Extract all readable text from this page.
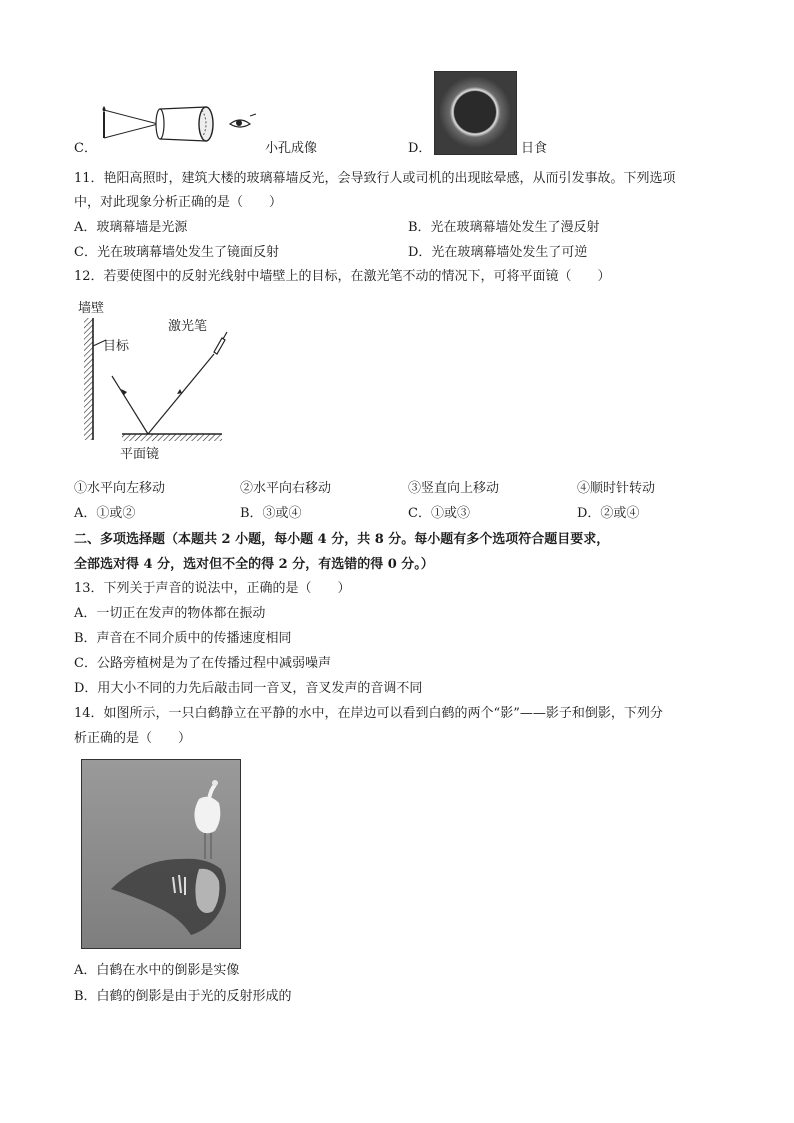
C．	小孔成像	D．	日食
11．艳阳高照时，建筑大楼的玻璃幕墙反光，会导致行人或司机的出现眩晕感，从而引发事故。下列选项
中，对此现象分析正确的是（　　）
A．玻璃幕墙是光源	B．光在玻璃幕墙处发生了漫反射
C．光在玻璃幕墙处发生了镜面反射	D．光在玻璃幕墙处发生了可逆
12．若要使图中的反射光线射中墙壁上的目标，在激光笔不动的情况下，可将平面镜（　　）
墙壁
目标
激光笔
平面镜
①水平向左移动	②水平向右移动	③竖直向上移动	④顺时针转动
A．①或②	B．③或④	C．①或③	D．②或④
二、多项选择题（本题共 2 小题，每小题 4 分，共 8 分。每小题有多个选项符合题目要求，
全部选对得 4 分，选对但不全的得 2 分，有选错的得 0 分。）
13．下列关于声音的说法中，正确的是（　　）
A．一切正在发声的物体都在振动
B．声音在不同介质中的传播速度相同
C．公路旁植树是为了在传播过程中减弱噪声
D．用大小不同的力先后敲击同一音叉，音叉发声的音调不同
14．如图所示，一只白鹤静立在平静的水中，在岸边可以看到白鹤的两个“影”——影子和倒影，下列分
析正确的是（　　）
A．白鹤在水中的倒影是实像
B．白鹤的倒影是由于光的反射形成的
